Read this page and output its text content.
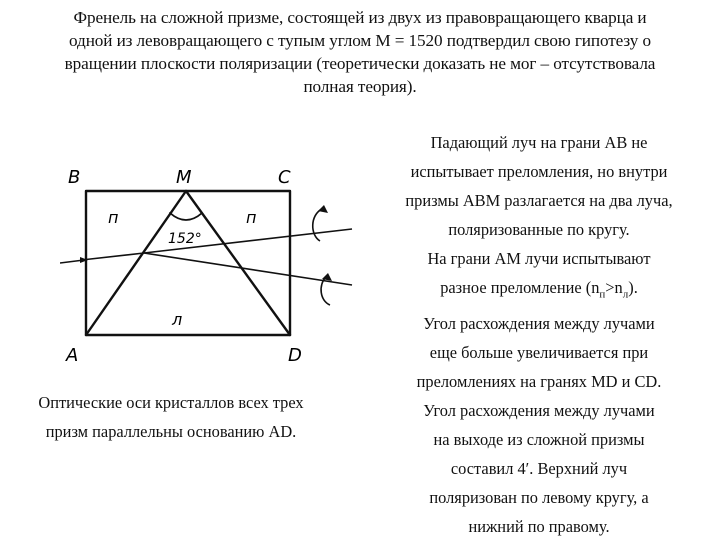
Френель на сложной призме, состоящей из двух из правовращающего кварца и
одной из левовращающего с тупым углом М = 1520 подтвердил свою гипотезу о
вращении плоскости поляризации (теоретически доказать не мог – отсутствовала
полная теория).
B	M	C
A	D
п	п
л
152°
Падающий луч на грани АВ не
испытывает преломления, но внутри
призмы АВМ разлагается на два луча,
поляризованные по кругу.
На грани АМ лучи испытывают
разное преломление $(n_п>n_л)$.
Угол расхождения между лучами
еще больше увеличивается при
преломлениях на гранях MD и CD.
Угол расхождения между лучами
на выходе из сложной призмы
составил 4′. Верхний луч
поляризован по левому кругу, а
нижний по правому.
Оптические оси кристаллов всех трех
призм параллельны основанию AD.
